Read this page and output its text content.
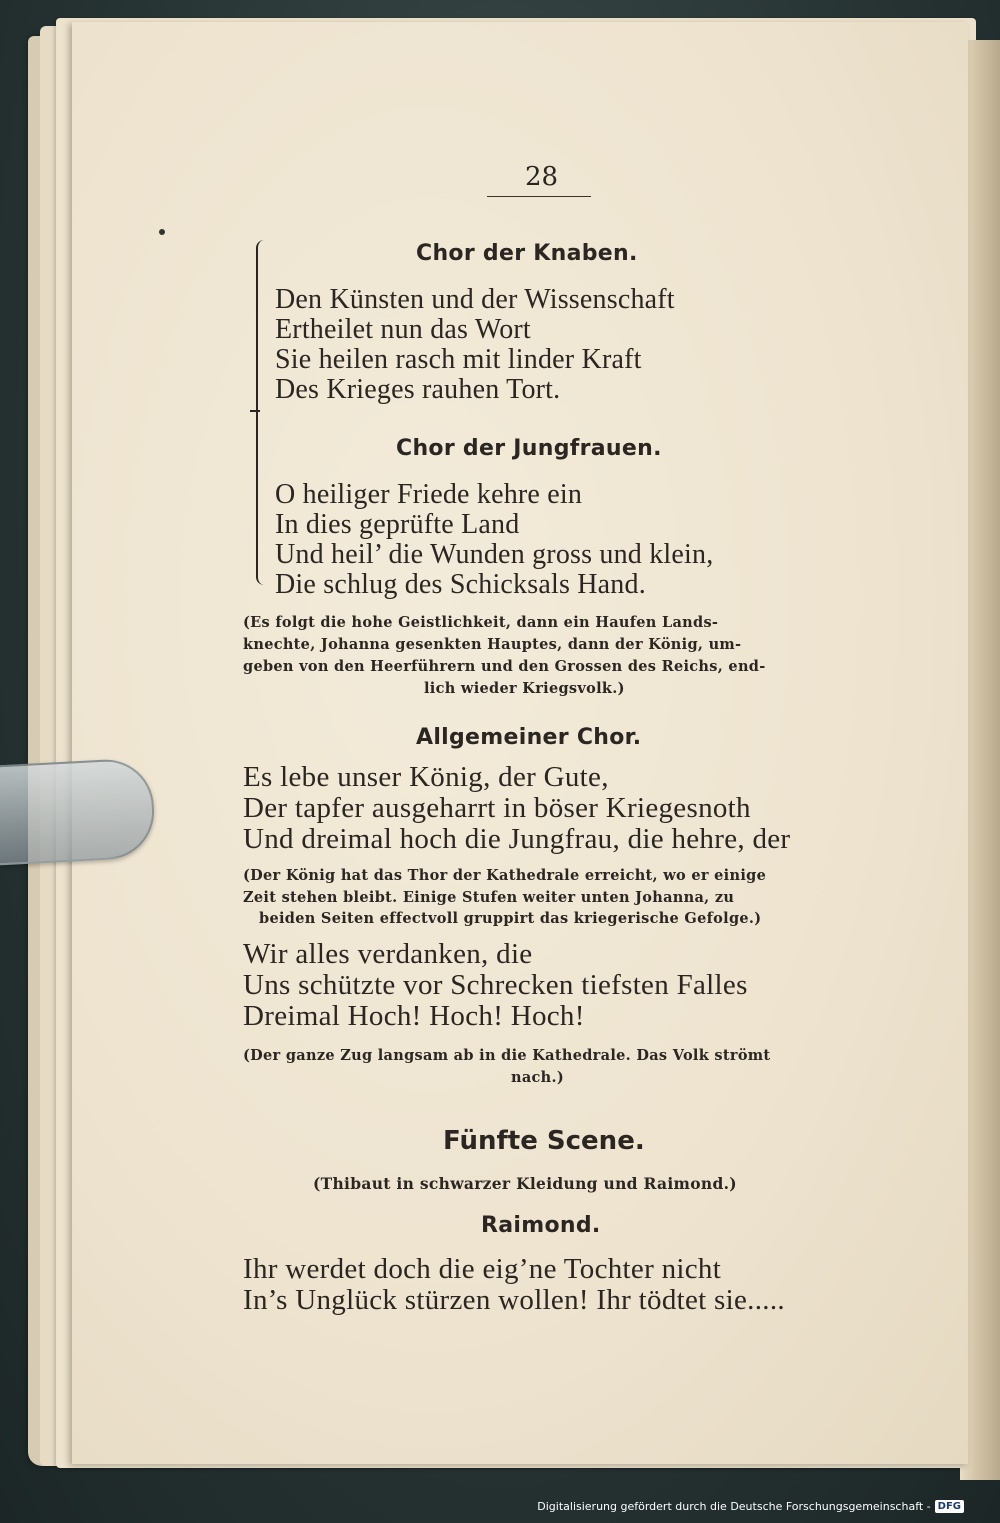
28
Chor der Knaben.
Den Künsten und der Wissenschaft
Ertheilet nun das Wort
Sie heilen rasch mit linder Kraft
Des Krieges rauhen Tort.
Chor der Jungfrauen.
O heiliger Friede kehre ein
In dies geprüfte Land
Und heil’ die Wunden gross und klein,
Die schlug des Schicksals Hand.
(Es folgt die hohe Geistlichkeit, dann ein Haufen Lands-
knechte, Johanna gesenkten Hauptes, dann der König, um-
geben von den Heerführern und den Grossen des Reichs, end-
lich wieder Kriegsvolk.)
Allgemeiner Chor.
Es lebe unser König, der Gute,
Der tapfer ausgeharrt in böser Kriegesnoth
Und dreimal hoch die Jungfrau, die hehre, der
(Der König hat das Thor der Kathedrale erreicht, wo er einige
Zeit stehen bleibt. Einige Stufen weiter unten Johanna, zu
beiden Seiten effectvoll gruppirt das kriegerische Gefolge.)
Wir alles verdanken, die
Uns schützte vor Schrecken tiefsten Falles
Dreimal Hoch! Hoch! Hoch!
(Der ganze Zug langsam ab in die Kathedrale. Das Volk strömt
nach.)
Fünfte Scene.
(Thibaut in schwarzer Kleidung und Raimond.)
Raimond.
Ihr werdet doch die eig’ne Tochter nicht
In’s Unglück stürzen wollen! Ihr tödtet sie.....
Digitalisierung gefördert durch die Deutsche Forschungsgemeinschaft - DFG
